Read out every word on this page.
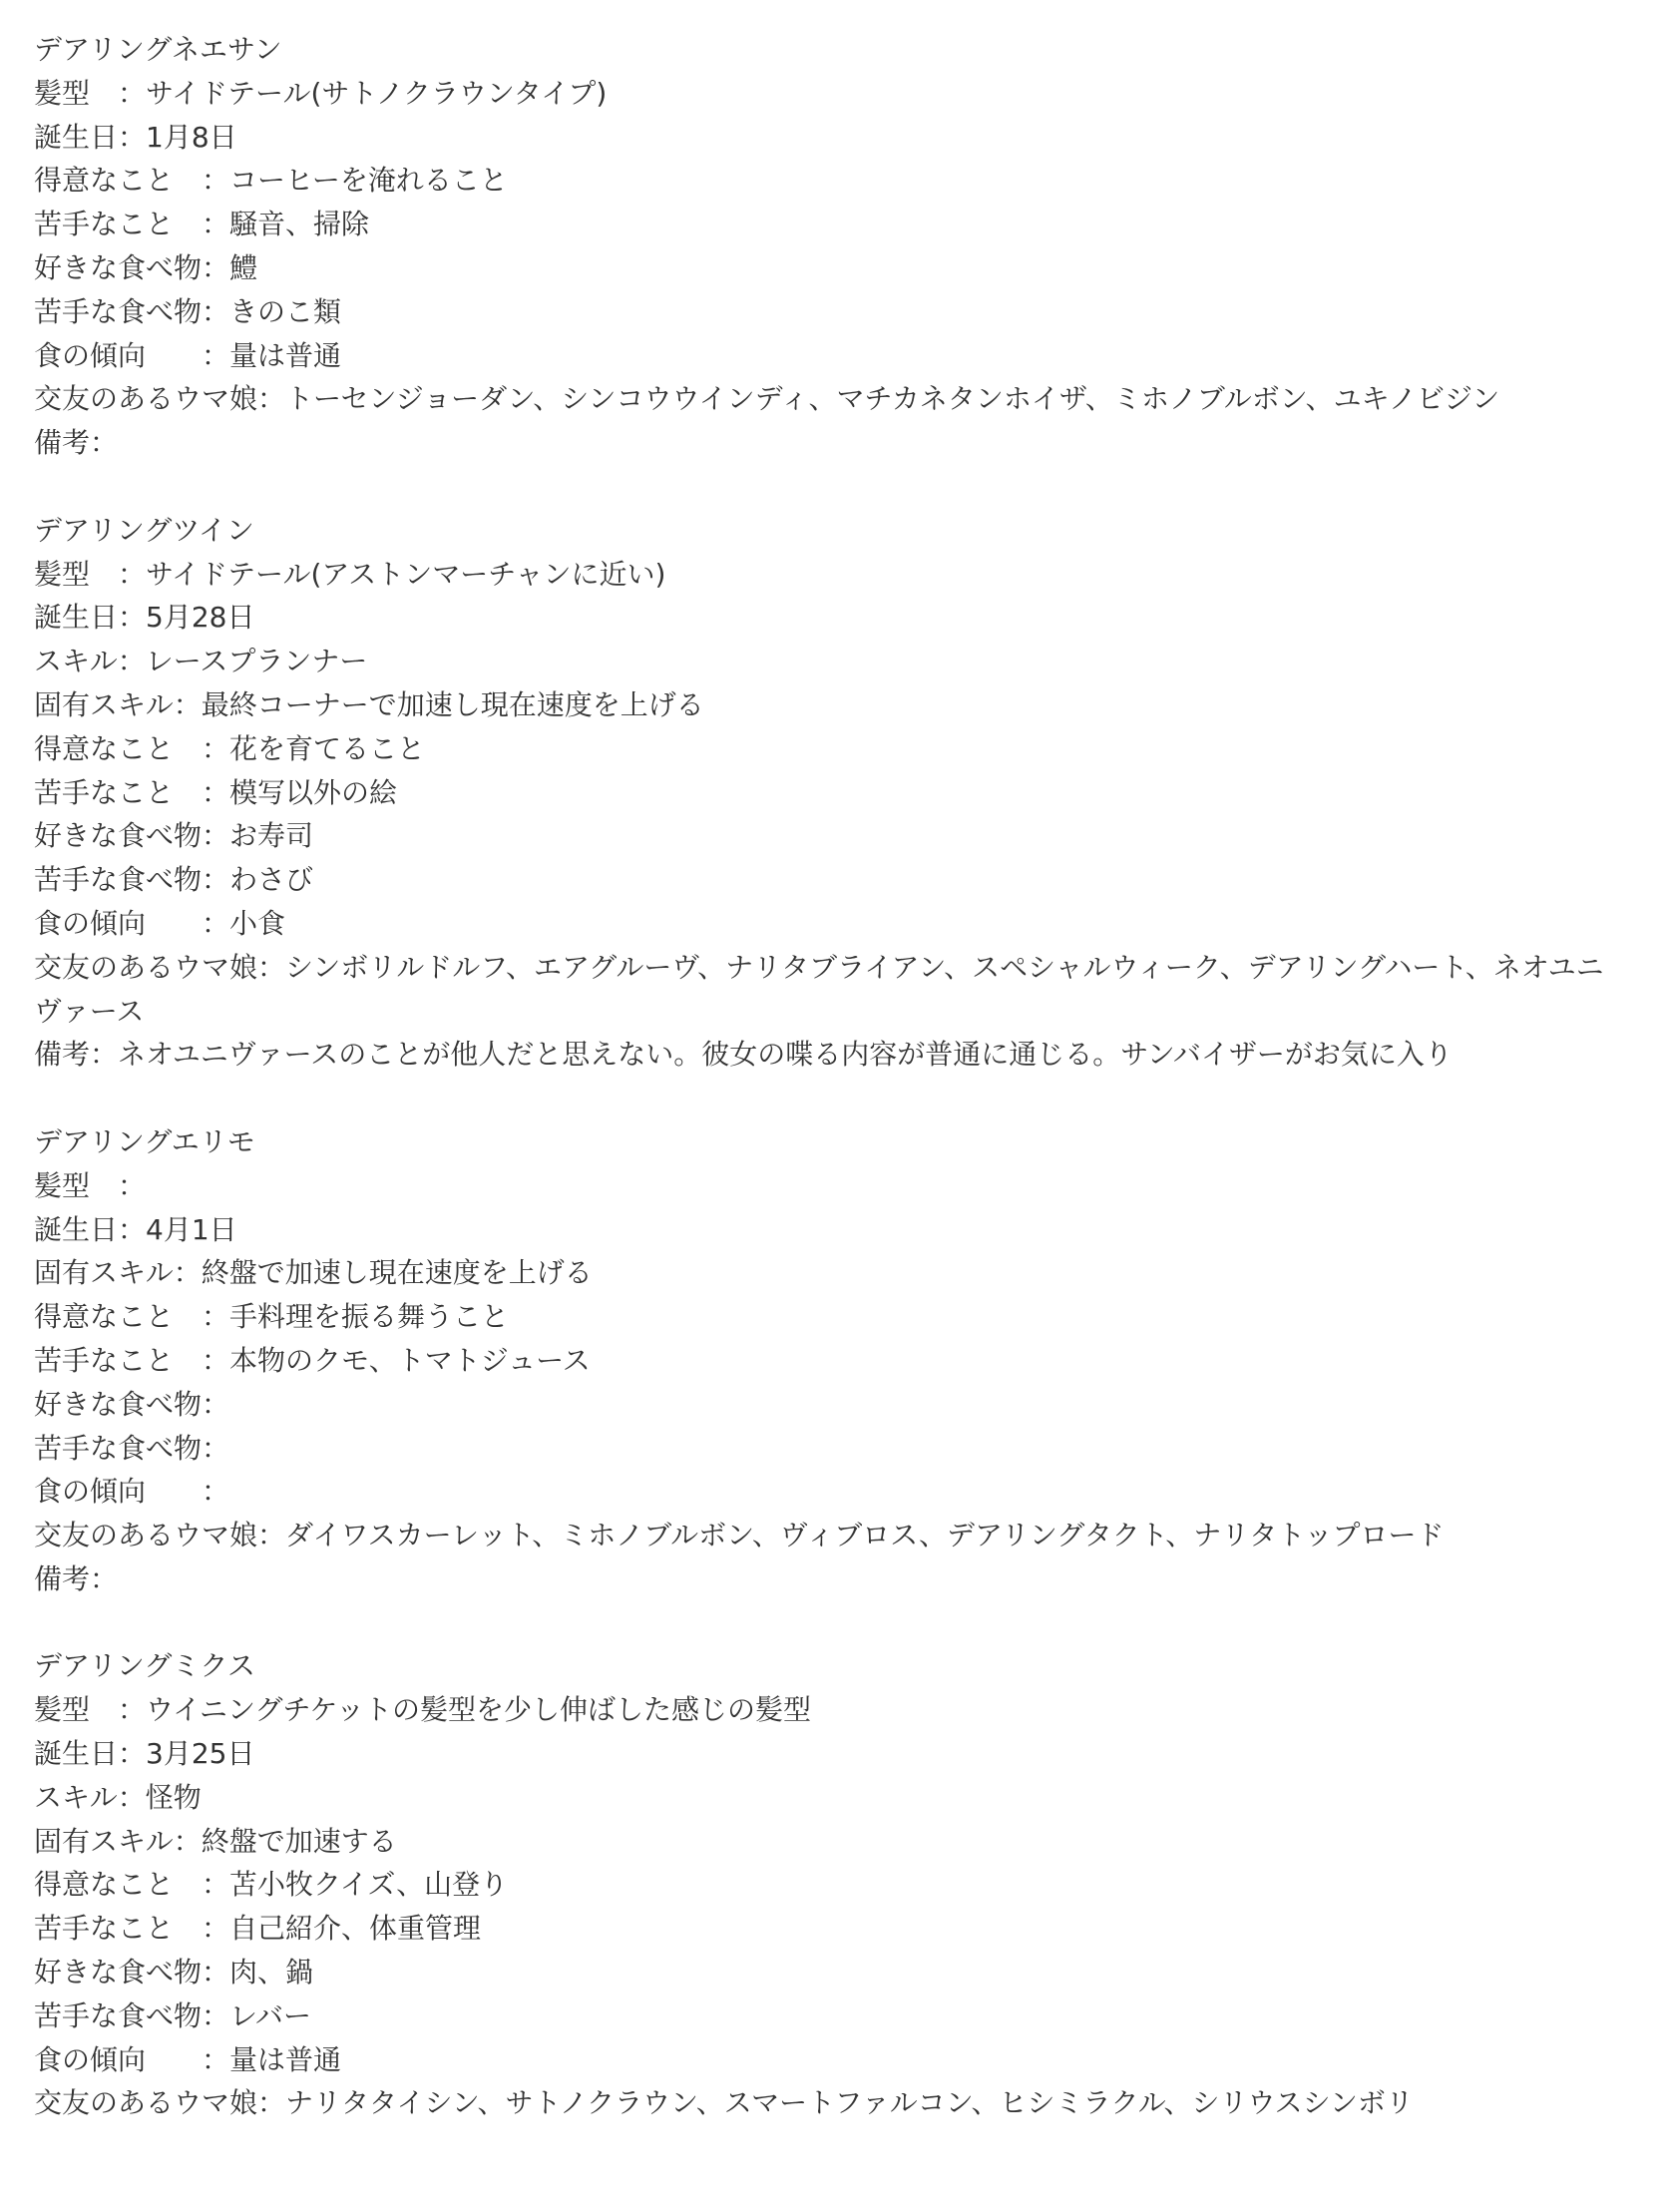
デアリングネエサン
髪型　：サイドテール(サトノクラウンタイプ)
誕生日：1月8日
得意なこと　：コーヒーを淹れること
苦手なこと　：騒音、掃除
好きな食べ物：鱧
苦手な食べ物：きのこ類
食の傾向　　：量は普通
交友のあるウマ娘：トーセンジョーダン、シンコウウインディ、マチカネタンホイザ、ミホノブルボン、ユキノビジン
備考：
デアリングツイン
髪型　：サイドテール(アストンマーチャンに近い)
誕生日：5月28日
スキル：レースプランナー
固有スキル：最終コーナーで加速し現在速度を上げる
得意なこと　：花を育てること
苦手なこと　：模写以外の絵
好きな食べ物：お寿司
苦手な食べ物：わさび
食の傾向　　：小食
交友のあるウマ娘：シンボリルドルフ、エアグルーヴ、ナリタブライアン、スペシャルウィーク、デアリングハート、ネオユニヴァース
備考：ネオユニヴァースのことが他人だと思えない。彼女の喋る内容が普通に通じる。サンバイザーがお気に入り
デアリングエリモ
髪型　：
誕生日：4月1日
固有スキル：終盤で加速し現在速度を上げる
得意なこと　：手料理を振る舞うこと
苦手なこと　：本物のクモ、トマトジュース
好きな食べ物：
苦手な食べ物：
食の傾向　　：
交友のあるウマ娘：ダイワスカーレット、ミホノブルボン、ヴィブロス、デアリングタクト、ナリタトップロード
備考：
デアリングミクス
髪型　：ウイニングチケットの髪型を少し伸ばした感じの髪型
誕生日：3月25日
スキル：怪物
固有スキル：終盤で加速する
得意なこと　：苫小牧クイズ、山登り
苦手なこと　：自己紹介、体重管理
好きな食べ物：肉、鍋
苦手な食べ物：レバー
食の傾向　　：量は普通
交友のあるウマ娘：ナリタタイシン、サトノクラウン、スマートファルコン、ヒシミラクル、シリウスシンボリ
